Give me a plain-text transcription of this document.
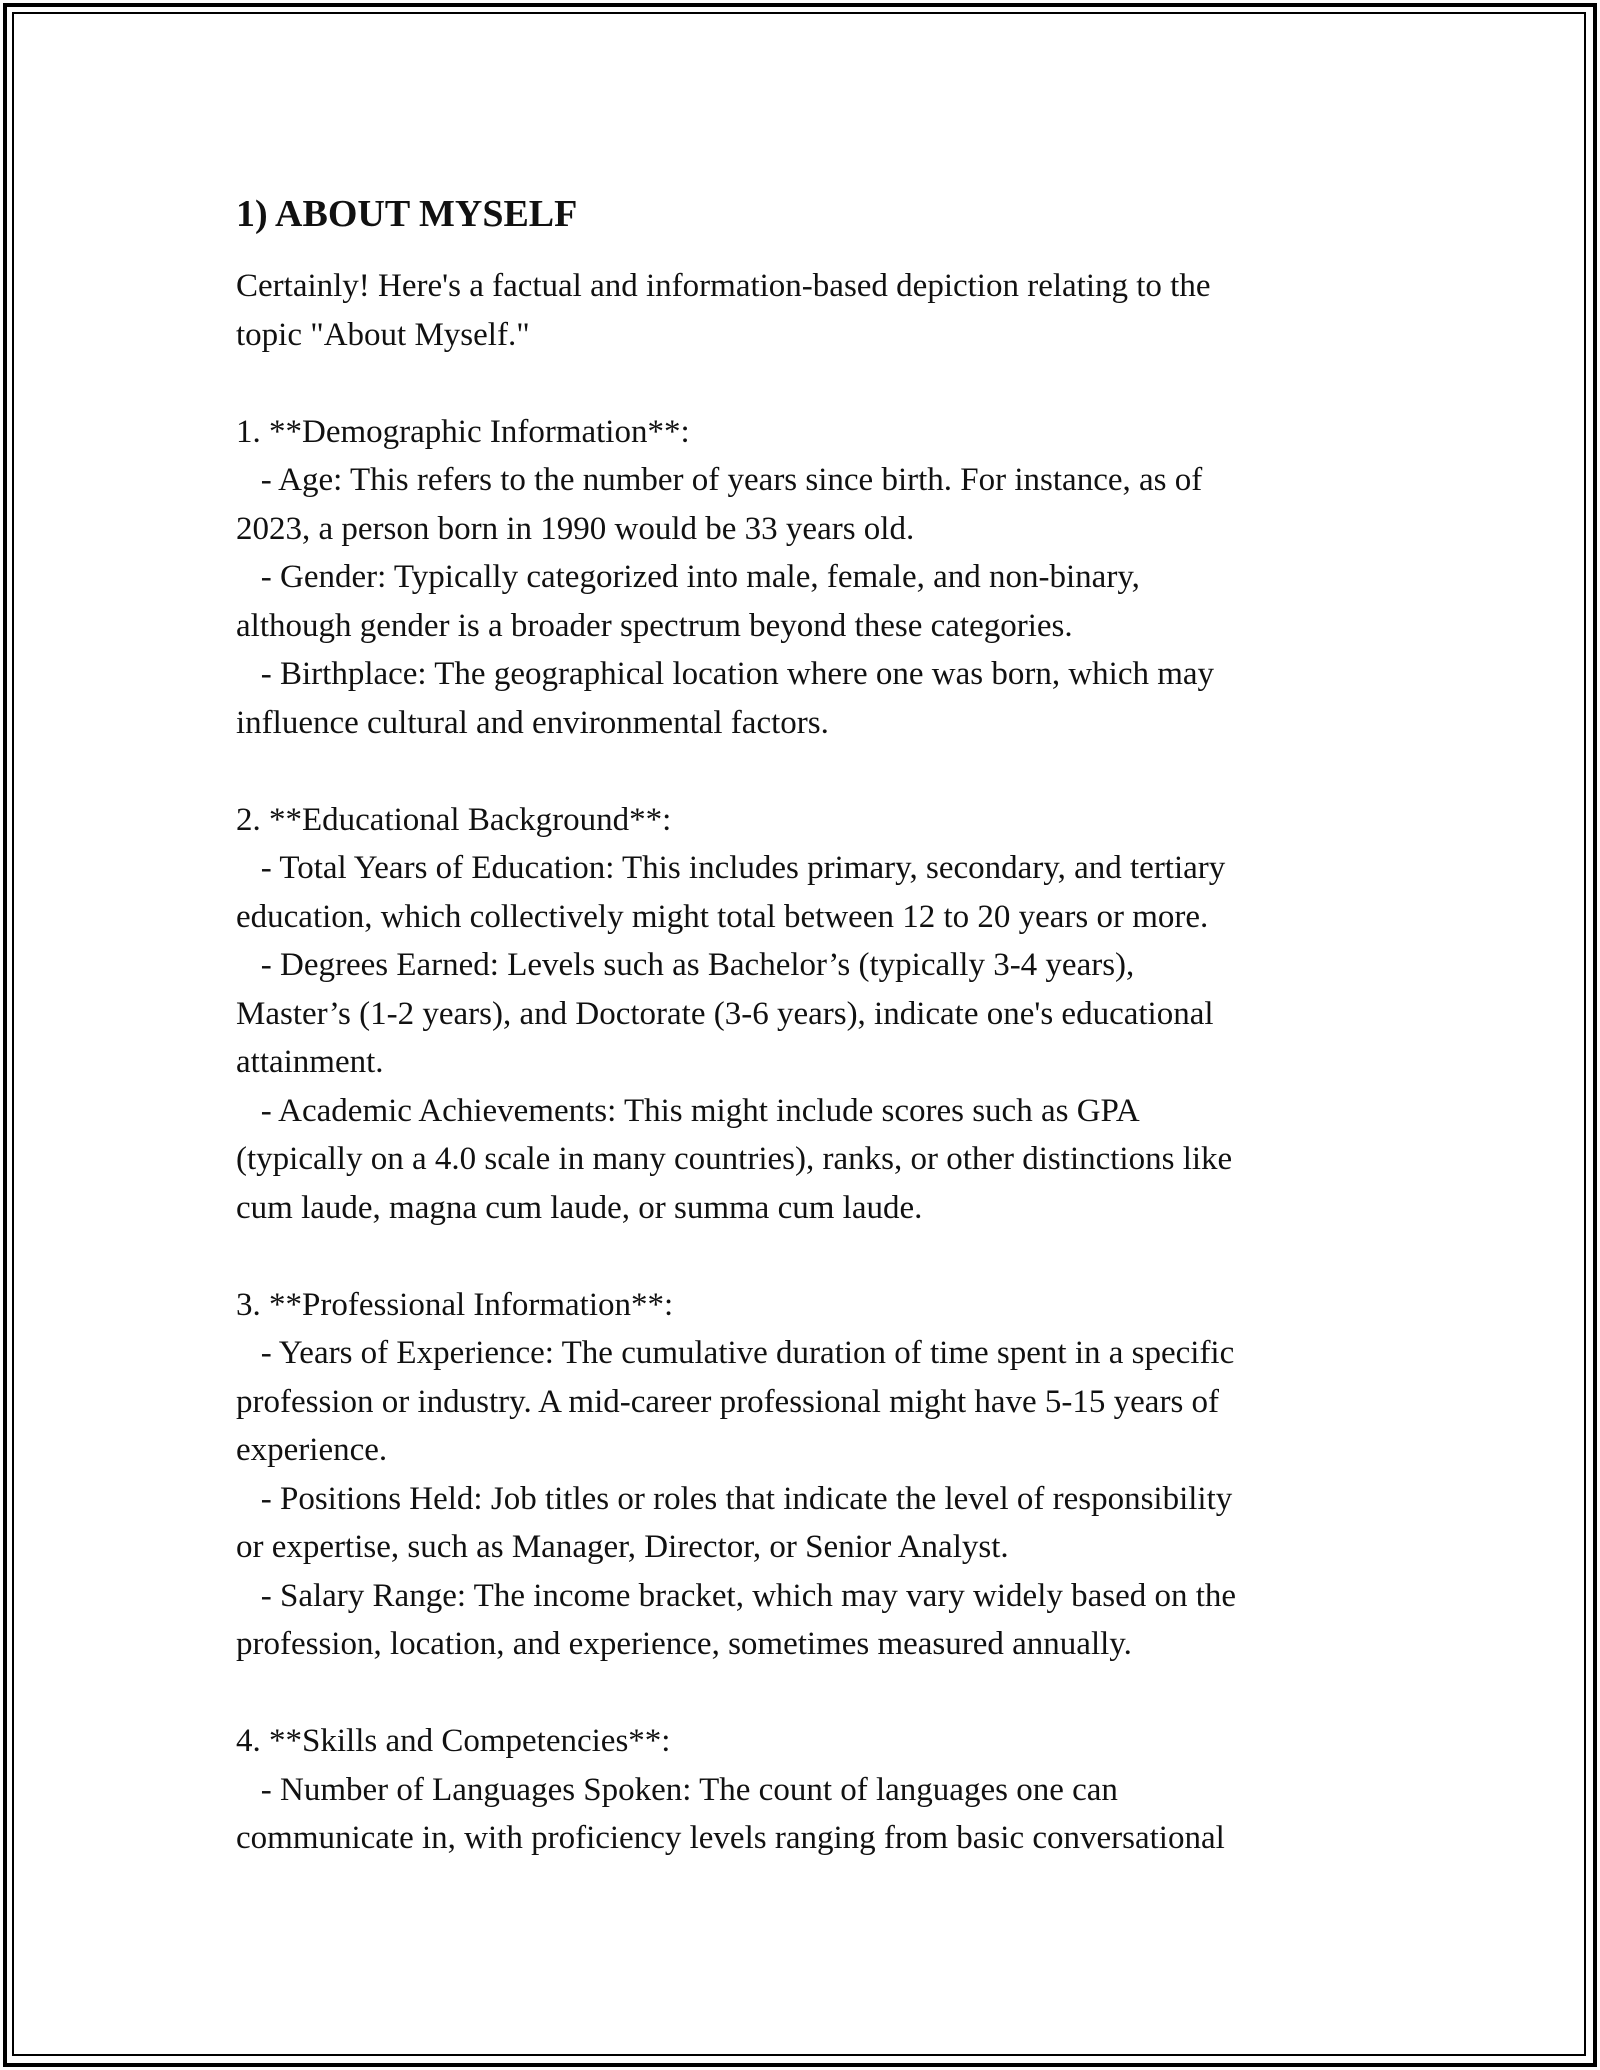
1) ABOUT MYSELF

Certainly! Here's a factual and information-based depiction relating to the

topic "About Myself."

1. **Demographic Information**:

- Age: This refers to the number of years since birth. For instance, as of

2023, a person born in 1990 would be 33 years old.

- Gender: Typically categorized into male, female, and non-binary,

although gender is a broader spectrum beyond these categories.

- Birthplace: The geographical location where one was born, which may

influence cultural and environmental factors.

2. **Educational Background**:

- Total Years of Education: This includes primary, secondary, and tertiary

education, which collectively might total between 12 to 20 years or more.

- Degrees Earned: Levels such as Bachelor’s (typically 3-4 years),

Master’s (1-2 years), and Doctorate (3-6 years), indicate one's educational

attainment.

- Academic Achievements: This might include scores such as GPA

(typically on a 4.0 scale in many countries), ranks, or other distinctions like

cum laude, magna cum laude, or summa cum laude.

3. **Professional Information**:

- Years of Experience: The cumulative duration of time spent in a specific

profession or industry. A mid-career professional might have 5-15 years of

experience.

- Positions Held: Job titles or roles that indicate the level of responsibility

or expertise, such as Manager, Director, or Senior Analyst.

- Salary Range: The income bracket, which may vary widely based on the

profession, location, and experience, sometimes measured annually.

4. **Skills and Competencies**:

- Number of Languages Spoken: The count of languages one can

communicate in, with proficiency levels ranging from basic conversational
